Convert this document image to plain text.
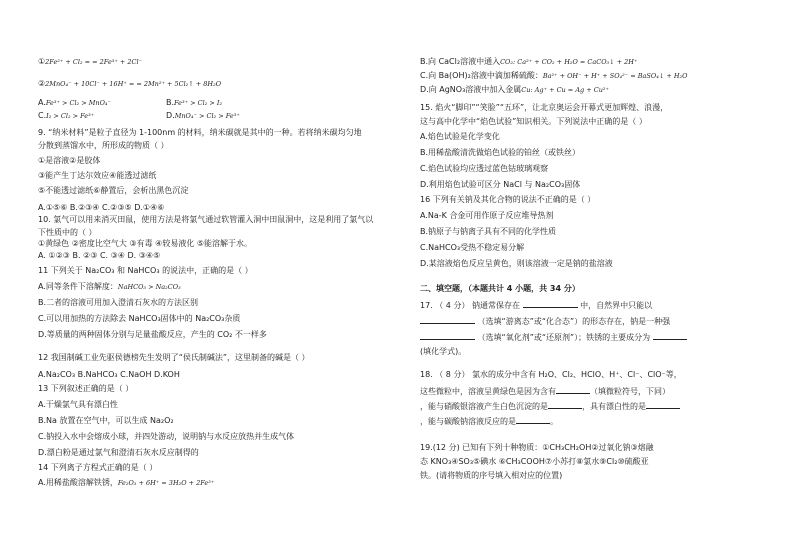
①2Fe²⁺ + Cl₂ = = 2Fe³⁺ + 2Cl⁻
②2MnO₄⁻ + 10Cl⁻ + 16H⁺ = = 2Mn²⁺ + 5Cl₂↑ + 8H₂O
A.Fe³⁺ > Cl₂ > MnO₄⁻	B.Fe³⁺ > Cl₂ > I₂
C.I₂ > Cl₂ > Fe³⁺	D.MnO₄⁻ > Cl₂ > Fe³⁺
9. “纳米材料”是粒子直径为 1-100nm 的材料，纳米碳就是其中的一种。若将纳米碳均匀地
分散到蒸馏水中，所形成的物质（ ）
①是溶液②是胶体
③能产生丁达尔效应④能透过滤纸
⑤不能透过滤纸⑥静置后，会析出黑色沉淀
A.①⑤⑥ B.②③④ C.②③⑤ D.①④⑥
10. 氯气可以用来消灭田鼠，使用方法是将氯气通过软管灌入洞中田鼠洞中，这是利用了氯气以
下性质中的（ ）
①黄绿色 ②密度比空气大 ③有毒 ④较易液化 ⑤能溶解于水。
A. ①②③ B. ②③ C. ③④ D. ③④⑤
11 下列关于 Na₂CO₃ 和 NaHCO₃ 的说法中，正确的是（ ）
A.同等条件下溶解度：NaHCO₃ > Na₂CO₃
B.二者的溶液可用加入澄清石灰水的方法区别
C.可以用加热的方法除去 NaHCO₃固体中的 Na₂CO₃杂质
D.等质量的两种固体分别与足量盐酸反应，产生的 CO₂ 不一样多
12 我国制碱工业先驱侯德榜先生发明了“侯氏制碱法”，这里制备的碱是（ ）
A.Na₂CO₃ B.NaHCO₃ C.NaOH D.KOH
13 下列叙述正确的是（ ）
A.干燥氯气具有漂白性
B.Na 放置在空气中，可以生成 Na₂O₂
C.钠投入水中会熔成小球，并四处游动，说明钠与水反应放热并生成气体
D.漂白粉是通过氯气和澄清石灰水反应制得的
14 下列离子方程式正确的是（ ）
A.用稀盐酸溶解铁锈，Fe₂O₃ + 6H⁺ = 3H₂O + 2Fe²⁺
B.向 CaCl₂溶液中通入CO₂: Ca²⁺ + CO₂ + H₂O = CaCO₃↓ + 2H⁺
C.向 Ba(OH)₂溶液中滴加稀硫酸：Ba²⁺ + OH⁻ + H⁺ + SO₄²⁻ = BaSO₄↓ + H₂O
D.向 AgNO₃溶液中加入金属Cu: Ag⁺ + Cu = Ag + Cu²⁺
15. 焰火“脚印”“笑脸”“五环”，让北京奥运会开幕式更加辉煌、浪漫，
这与高中化学中“焰色试验”知识相关。下列说法中正确的是（ ）
A.焰色试验是化学变化
B.用稀盐酸清洗做焰色试验的铂丝（或铁丝）
C.焰色试验均应透过蓝色钴玻璃观察
D.利用焰色试验可区分 NaCl 与 Na₂CO₃固体
16 下列有关钠及其化合物的说法不正确的是（ ）
A.Na-K 合金可用作原子反应堆导热剂
B.钠原子与钠离子具有不同的化学性质
C.NaHCO₃受热不稳定易分解
D.某溶液焰色反应呈黄色，则该溶液一定是钠的盐溶液
二、填空题，（本题共计 4 小题，共 34 分）
17. （ 4 分） 钠通常保存在	中，自然界中只能以
（选填“游离态”或“化合态”）的形态存在，钠是一种强
（选填“氧化剂”或“还原剂”）；铁锈的主要成分为
(填化学式)。
18. （ 8 分） 氯水的成分中含有 H₂O、Cl₂、HClO、H⁺、Cl⁻、ClO⁻等，
这些微粒中，溶液呈黄绿色是因为含有	（填微粒符号，下同）
，能与硝酸银溶液产生白色沉淀的是	，具有漂白性的是
，能与碳酸钠溶液反应的是	。
19.(12 分) 已知有下列十种物质：①CH₃CH₂OH②过氧化钠③熔融
态 KNO₃④SO₃⑤碘水 ⑥CH₃COOH⑦小苏打⑧氯水⑨Cl₂⑩硫酸亚
铁。(请将物质的序号填入相对应的位置)
